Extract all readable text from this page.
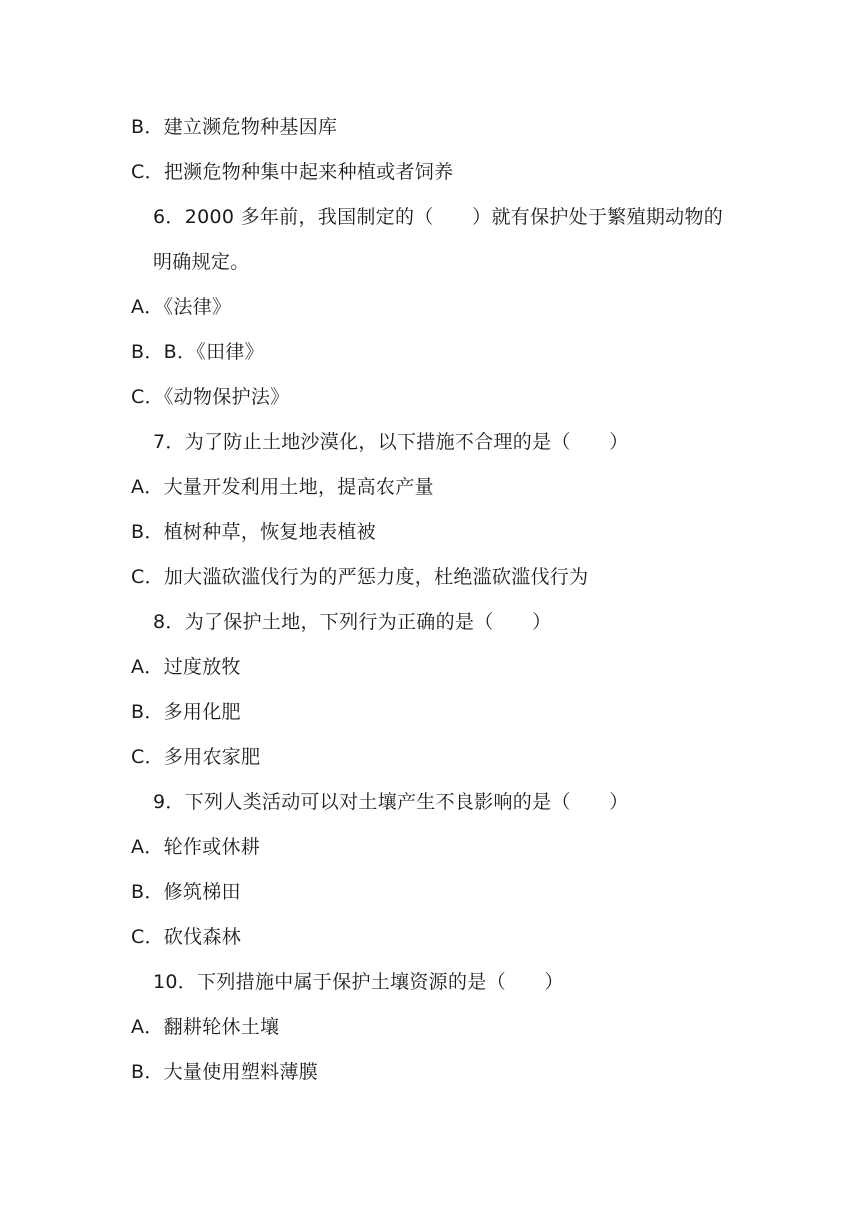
B．建立濒危物种基因库
C．把濒危物种集中起来种植或者饲养
6．2000 多年前，我国制定的（　　）就有保护处于繁殖期动物的
明确规定。
A．《法律》
B．B．《田律》
C．《动物保护法》
7．为了防止土地沙漠化，以下措施不合理的是（　　）
A．大量开发利用土地，提高农产量
B．植树种草，恢复地表植被
C．加大滥砍滥伐行为的严惩力度，杜绝滥砍滥伐行为
8．为了保护土地，下列行为正确的是（　　）
A．过度放牧
B．多用化肥
C．多用农家肥
9．下列人类活动可以对土壤产生不良影响的是（　　）
A．轮作或休耕
B．修筑梯田
C．砍伐森林
10．下列措施中属于保护土壤资源的是（　　）
A．翻耕轮休土壤
B．大量使用塑料薄膜
